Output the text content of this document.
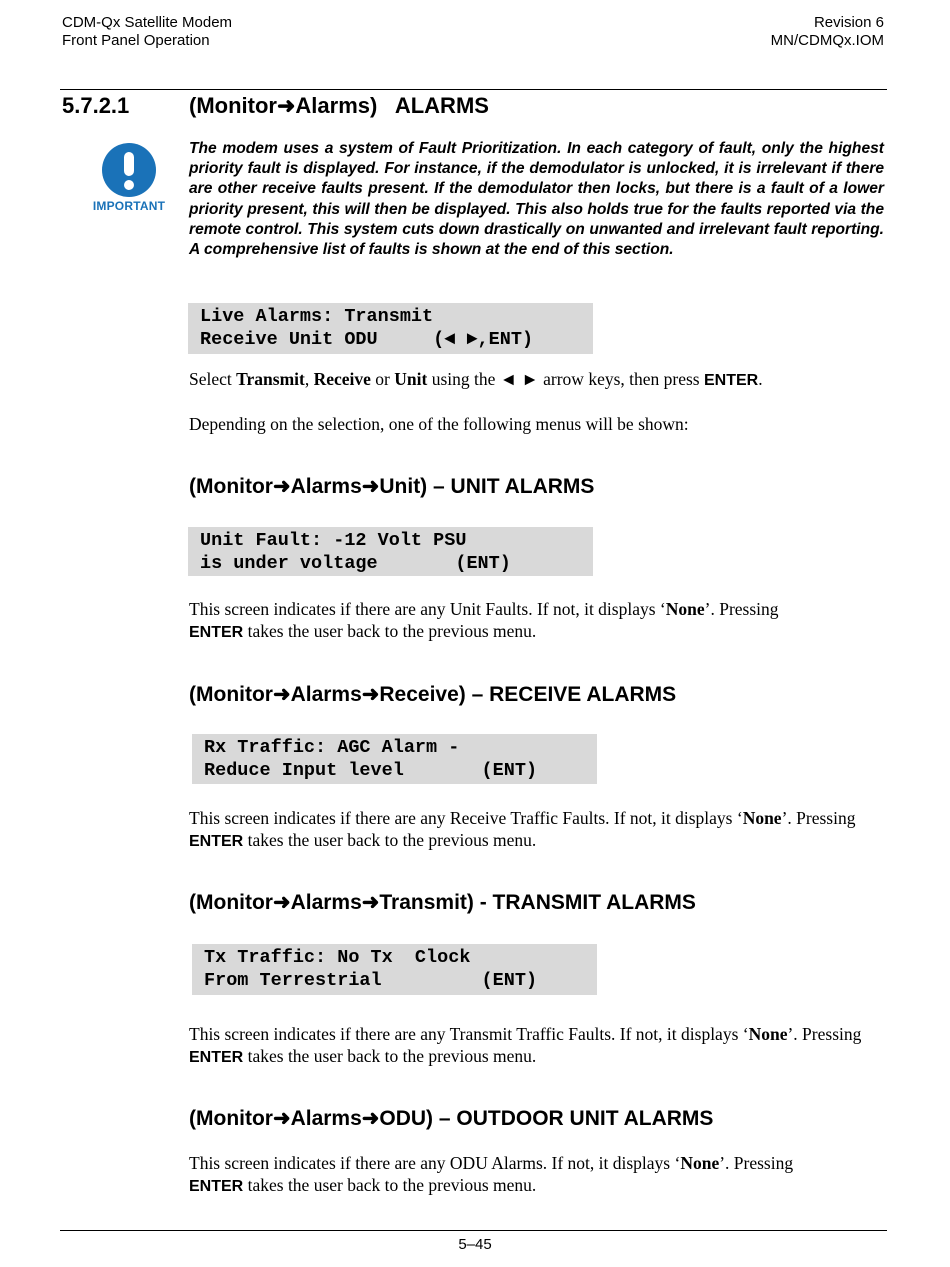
CDM-Qx Satellite Modem
Front Panel Operation
Revision 6
MN/CDMQx.IOM
5.7.2.1	(Monitor➜Alarms)   ALARMS
IMPORTANT
The modem uses a system of Fault Prioritization. In each category of fault, only the highest priority fault is displayed. For instance, if the demodulator is unlocked, it is irrelevant if there are other receive faults present. If the demodulator then locks, but there is a fault of a lower priority present, this will then be displayed. This also holds true for the faults reported via the remote control. This system cuts down drastically on unwanted and irrelevant fault reporting. A comprehensive list of faults is shown at the end of this section.
Live Alarms: Transmit
Receive Unit ODU     (◄ ►,ENT)
Select Transmit, Receive or Unit using the ◄ ► arrow keys, then press ENTER.
Depending on the selection, one of the following menus will be shown:
(Monitor➜Alarms➜Unit) – UNIT ALARMS
Unit Fault: -12 Volt PSU
is under voltage       (ENT)
This screen indicates if there are any Unit Faults. If not, it displays ‘None’. Pressing
ENTER takes the user back to the previous menu.
(Monitor➜Alarms➜Receive) – RECEIVE ALARMS
Rx Traffic: AGC Alarm -
Reduce Input level       (ENT)
This screen indicates if there are any Receive Traffic Faults. If not, it displays ‘None’. Pressing ENTER takes the user back to the previous menu.
(Monitor➜Alarms➜Transmit) - TRANSMIT ALARMS
Tx Traffic: No Tx  Clock
From Terrestrial         (ENT)
This screen indicates if there are any Transmit Traffic Faults. If not, it displays ‘None’. Pressing ENTER takes the user back to the previous menu.
(Monitor➜Alarms➜ODU) – OUTDOOR UNIT ALARMS
This screen indicates if there are any ODU Alarms. If not, it displays ‘None’. Pressing
ENTER takes the user back to the previous menu.
5–45
